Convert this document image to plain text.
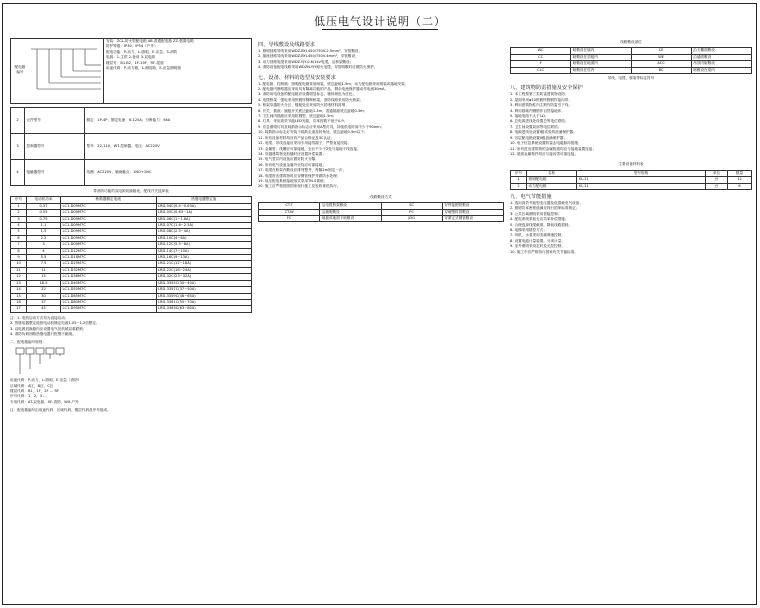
低压电气设计说明（二）
配电箱编号
安装：ZCL-防火型配电箱 AB-普通配电箱 ZZ-强弱电箱
防护等级：IP30，IP54（户外）
配电功能：P-动力，L-照明，E-应急，S-消防
电源：1-主供 2-备用 3-双电源
楼层号：B1-B2，1F-10F，RF-屋面
用途代码：P-动力箱，L-照明箱，E-应急照明箱
2	元件型号	额定：1P-4P；额定电流：6-125A；分断能力：6kA
3	控制器型号	型号：22-120；WT-控制器；电压：AC220V
4	接触器型号	线圈：AC220V；辅助触点：1NO+1NC
带消防功能的双电源切换箱表，配线开关选择表
序号	电动机功率	断路器额定电流	热继电器整定值
1	0.37	LC1-D09M7C	LRD-04C(0.4~0.63A)
2	0.55	LC1-D09M7C	LRD-05C(0.63~1A)
3	0.75	LC1-D09M7C	LRD-06C(1~1.6A)
4	1.1	LC1-D09M7C	LRD-07C(1.6~2.5A)
5	1.5	LC1-D09M7C	LRD-08C(2.5~4A)
6	2.2	LC1-D09M7C	LRD-10C(4~6A)
7	3	LC1-D09M7C	LRD-12C(5.5~8A)
8	4	LC1-D12M7C	LRD-14C(7~10A)
9	5.5	LC1-D18M7C	LRD-16C(9~13A)
10	7.5	LC1-D25M7C	LRD-21C(12~18A)
11	11	LC1-D32M7C	LRD-22C(16~24A)
12	15	LC1-D38M7C	LRD-32C(23~32A)
13	18.5	LC1-D40M7C	LRD-3355C(30~40A)
14	22	LC1-D50M7C	LRD-3357C(37~50A)
15	30	LC1-D65M7C	LRD-3359C(48~65A)
16	37	LC1-D80M7C	LRD-3361C(55~70A)
17	45	LC1-D95M7C	LRD-3363C(63~80A)
注：1. 电机启动方式均为直接启动；
2. 热继电器整定值按电动机额定电流1.05~1.2倍整定；
3. 双电源切换箱内应设置电气及机械双重联锁；
4. 消防负荷回路热继电器只报警不跳闸。
二、配电箱编号规则：
用途代码：P-动力，L-照明，E-应急（消防）
区域代码：A区，B区，C区
楼层代码：B1，1F，2F … RF
序号代码：1，2，3 …
专用代码：AT-双电源，XF-消防，WX-户外
注：配电箱编号由用途代码、区域代码、楼层代码及序号组成。
四、导线敷设及线路要求
1. 照明回路导线采用WDZ-BYJ-450/750V-2.5mm²，穿管敷设；
2. 插座回路导线采用WDZ-BYJ-450/750V-4mm²，穿管敷设；
3. 动力回路电缆采用WDZ-YJY-0.6/1kV电缆，沿桥架敷设；
4. 消防设备配电线路采用WDZN-YJY耐火电缆，穿管明敷时应做防火保护。
七、设备、材料的选型及安装要求
1. 配电箱、控制箱：照明配电箱采用暗装，底边距地1.5m；动力配电箱采用明装或落地安装；
2. 配电箱内断路器应采用具有隔离功能的产品，剩余电流保护器动作电流30mA；
3. 消防用电设备的配电箱应设置明显标志，箱体颜色为红色；
4. 电缆桥架：强电采用热镀锌钢制桥架，消防线路采用防火桥架；
5. 桥架穿越防火分区、楼板处应采用防火封堵材料封堵；
6. 开关、插座：翘板开关底边距地1.3m，普通插座底边距地0.3m；
7. 卫生间内插座应采用防溅型，底边距地1.5m；
8. 灯具：采用高效节能LED光源，功率因数不低于0.9；
9. 应急照明灯具及疏散指示标志应采用A型灯具，持续供电时间不少于90min；
10. 疏散指示标志灯安装于疏散走道及转角处，底边距地0.5m以下；
11. 所有设备材料均应有产品合格证及3C认证；
12. 电缆、导线连接应采用专用接线端子，严禁直接绞接；
13. 金属管、线槽应可靠接地，全长不少于2处与接地干线连接；
14. 穿越建筑物变形缝时应设置补偿装置；
15. 电气竖井内设备应做好防火分隔；
16. 所有电气设备金属外壳均应可靠接地；
17. 电缆在桥架内敷设应排列整齐，每隔2m固定一次；
18. 电缆进出建筑物时应穿钢管保护并做防水处理；
19. 低压配电系统接地形式采用TN-S系统；
20. 施工应严格按照国家现行施工及验收规范执行。
线路敷设方式
CT-T	沿电缆桥架敷设	SC	穿焊接钢管敷设
CT-W	沿墙明敷设	PC	穿硬塑料管敷设
FC	地板或地面下暗敷设	JDG	穿紧定式钢管敷设
线路敷设部位
WC	暗敷设在墙内	CE	沿天棚面敷设
CC	暗敷设在顶板内	WE	沿墙面敷设
F	暗敷设在地面内	ACC	吊顶内暗敷设
CLC	暗敷设在柱内	BC	暗敷设在梁内
导线、电缆、桥架等标注符号
八、建筑物防雷措施及安全保护
1. 本工程按第三类防雷建筑物设防；
2. 屋面采用φ10热镀锌圆钢作接闪带；
3. 利用建筑物柱内主筋作防雷引下线；
4. 利用基础内钢筋作自然接地体；
5. 接地电阻不大于1Ω；
6. 总电源进线处设置总等电位联结；
7. 卫生间设置局部等电位联结；
8. 电源进线处设置I级试验的浪涌保护器；
9. 各层配电箱设置II级浪涌保护器；
10. 电子信息系统设置防雷击电磁脉冲措施；
11. 所有进出建筑物的金属管道均应与接地装置连接；
12. 屋面金属构件均应与接闪带可靠连接。
主要设备材料表
序号	名称	型号规格	单位	数量
1	照明配电箱	XL-21	台	12
2	动力配电箱	XL-21	台	6
九、电气节能措施
1. 选用高效节能型变压器及低损耗电气设备；
2. 照明功率密度值满足现行国家标准规定；
3. 公共区域照明采用智能控制；
4. 配电系统采取无功功率补偿措施；
5. 合理选择线缆截面，降低线路损耗；
6. 电梯采用群控方式；
7. 风机、水泵采用变频调速控制；
8. 设置电能计量装置，分项计量；
9. 室外照明采用定时及光控控制；
10. 施工中应严格执行国家有关节能标准。
